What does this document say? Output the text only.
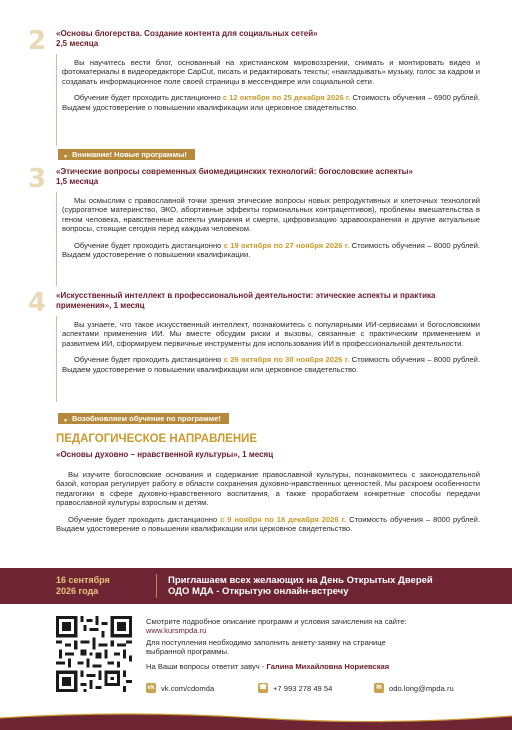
2 «Основы блогерства. Создание контента для социальных сетей»
2,5 месяца

Вы научитесь вести блог, основанный на христианском мировоззрении, снимать и монтировать видео и фотоматериалы в видеоредакторе CapCut, писать и редактировать тексты; «накладывать» музыку, голос за кадром и создавать информационное поле своей страницы в мессенджере или социальной сети.

Обучение будет проходить дистанционно с 12 октября по 25 декабря 2026 г. Стоимость обучения – 6900 рублей. Выдаем удостоверение о повышении квалификации или церковное свидетельство.

▼ Внимание! Новые программы!
3 «Этические вопросы современных биомедицинских технологий: богословские аспекты»
1,5 месяца

Мы осмыслим с православной точки зрения этические вопросы новых репродуктивных и клеточных технологий (суррогатное материнство, ЭКО, абортивные эффекты гормональных контрацептивов), проблемы вмешательства в геном человека, нравственные аспекты умирания и смерти, цифровизацию здравоохранения и другие актуальные вопросы, стоящие сегодня перед каждым человеком.

Обучение будет проходить дистанционно с 19 октября по 27 ноября 2026 г. Стоимость обучения – 8000 рублей. Выдаем удостоверение о повышении квалификации.

4 «Искусственный интеллект в профессиональной деятельности: этические аспекты и практика применения», 1 месяц

Вы узнаете, что такое искусственный интеллект, познакомитесь с популярными ИИ-сервисами и богословскими аспектами применения ИИ. Мы вместе обсудим риски и вызовы, связанные с практическим применением и развитием ИИ, сформируем первичные инструменты для использования ИИ в профессиональной деятельности.

Обучение будет проходить дистанционно с 26 октября по 30 ноября 2026 г. Стоимость обучения – 8000 рублей. Выдаем удостоверение о повышении квалификации или церковное свидетельство.

▼ Возобновляем обучение по программе!
ПЕДАГОГИЧЕСКОЕ НАПРАВЛЕНИЕ
«Основы духовно – нравственной культуры», 1 месяц

Вы изучите богословские основания и содержание православной культуры, познакомитесь с законодательной базой, которая регулирует работу в области сохранения духовно-нравственных ценностей. Мы раскроем особенности педагогики в сфере духовно-нравственного воспитания, а также проработаем конкретные способы передачи православной культуры взрослым и детям.

Обучение будет проходить дистанционно с 9 ноября по 18 декабря 2026 г. Стоимость обучения – 8000 рублей. Выдаем удостоверение о повышении квалификации или церковное свидетельство.

16 сентября
2026 года
Приглашаем всех желающих на День Открытых Дверей
ОДО МДА - Открытую онлайн-встречу
Смотрите подробное описание программ и условия зачисления на сайте:
www.kursmpda.ru
Для поступления необходимо заполнить анкету-заявку на странице
выбранной программы.
На Ваши вопросы ответит завуч - Галина Михайловна Нориевская
vk vk.com/cdomda	☎ +7 993 278 49 54	✉ odo.long@mpda.ru
